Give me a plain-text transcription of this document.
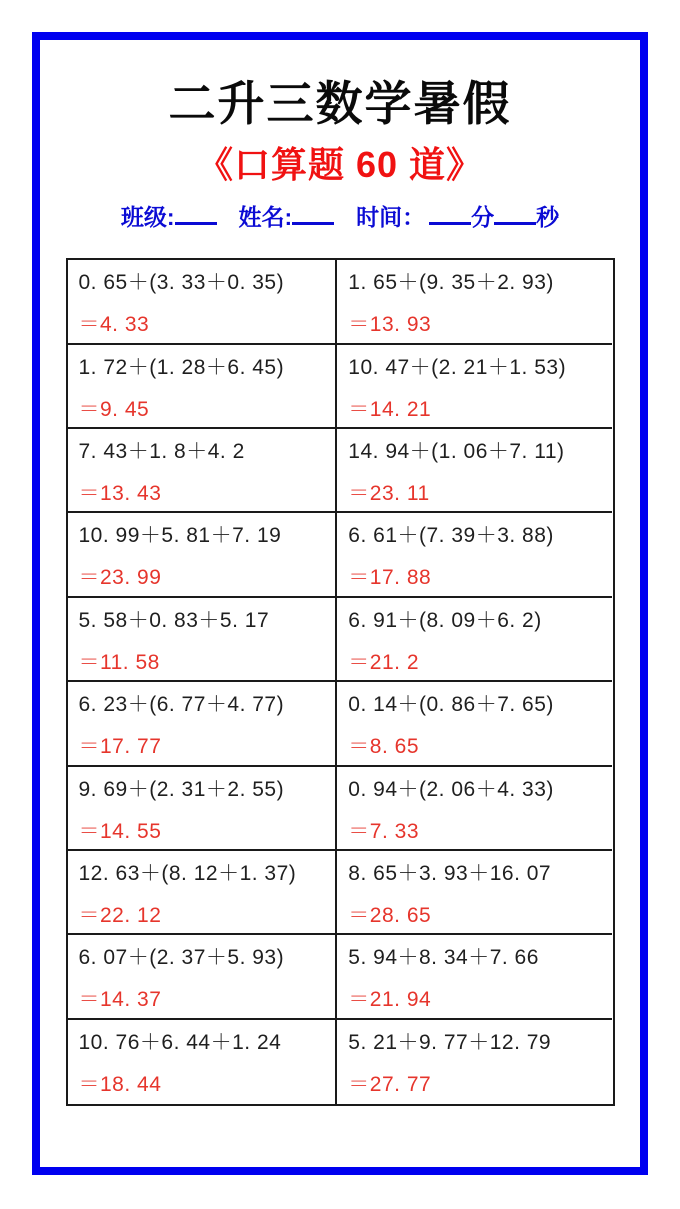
二升三数学暑假
《口算题 60 道》
班级:	姓名:	时间： 分 秒
0. 65＋(3. 33＋0. 35)
＝4. 33
1. 65＋(9. 35＋2. 93)
＝13. 93
1. 72＋(1. 28＋6. 45)
＝9. 45
10. 47＋(2. 21＋1. 53)
＝14. 21
7. 43＋1. 8＋4. 2
＝13. 43
14. 94＋(1. 06＋7. 11)
＝23. 11
10. 99＋5. 81＋7. 19
＝23. 99
6. 61＋(7. 39＋3. 88)
＝17. 88
5. 58＋0. 83＋5. 17
＝11. 58
6. 91＋(8. 09＋6. 2)
＝21. 2
6. 23＋(6. 77＋4. 77)
＝17. 77
0. 14＋(0. 86＋7. 65)
＝8. 65
9. 69＋(2. 31＋2. 55)
＝14. 55
0. 94＋(2. 06＋4. 33)
＝7. 33
12. 63＋(8. 12＋1. 37)
＝22. 12
8. 65＋3. 93＋16. 07
＝28. 65
6. 07＋(2. 37＋5. 93)
＝14. 37
5. 94＋8. 34＋7. 66
＝21. 94
10. 76＋6. 44＋1. 24
＝18. 44
5. 21＋9. 77＋12. 79
＝27. 77
